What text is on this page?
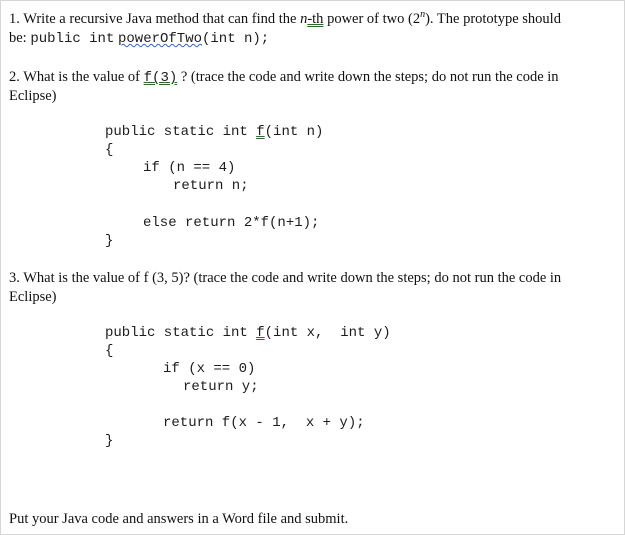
1. Write a recursive Java method that can find the n-th power of two (2$^n$). The prototype should
be: public int powerOfTwo(int n);
2. What is the value of f(3) ? (trace the code and write down the steps; do not run the code in
Eclipse)
public static int f(int n)
{
if (n == 4)
return n;
else return 2*f(n+1);
}
3. What is the value of f (3, 5)? (trace the code and write down the steps; do not run the code in
Eclipse)
public static int f(int x,  int y)
{
if (x == 0)
return y;
return f(x - 1,  x + y);
}
Put your Java code and answers in a Word file and submit.
